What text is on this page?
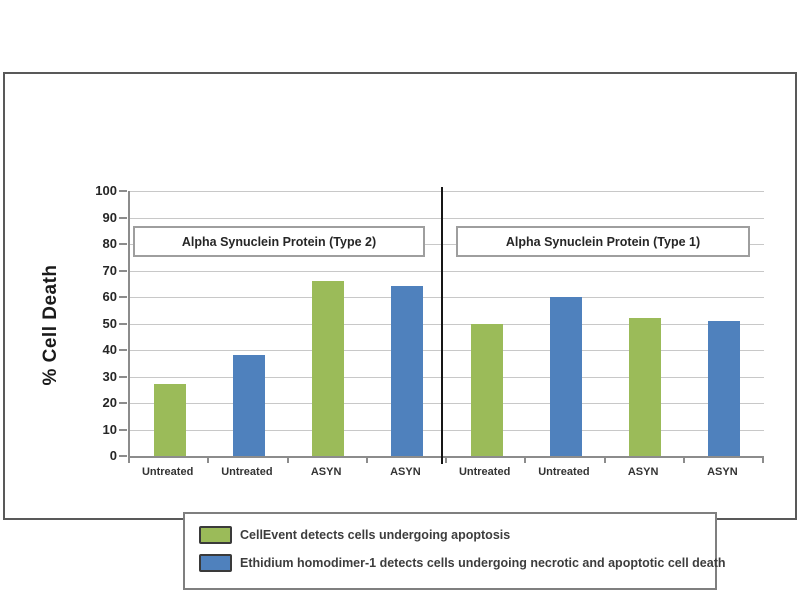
% Cell Death
Alpha Synuclein Protein (Type 2)	Alpha Synuclein Protein (Type 1)
CellEvent detects cells undergoing apoptosis
Ethidium homodimer-1 detects cells undergoing necrotic and apoptotic cell death
0
10
20
30
40
50
60
70
80
90
100
Untreated	Untreated	ASYN	ASYN	Untreated	Untreated	ASYN	ASYN
